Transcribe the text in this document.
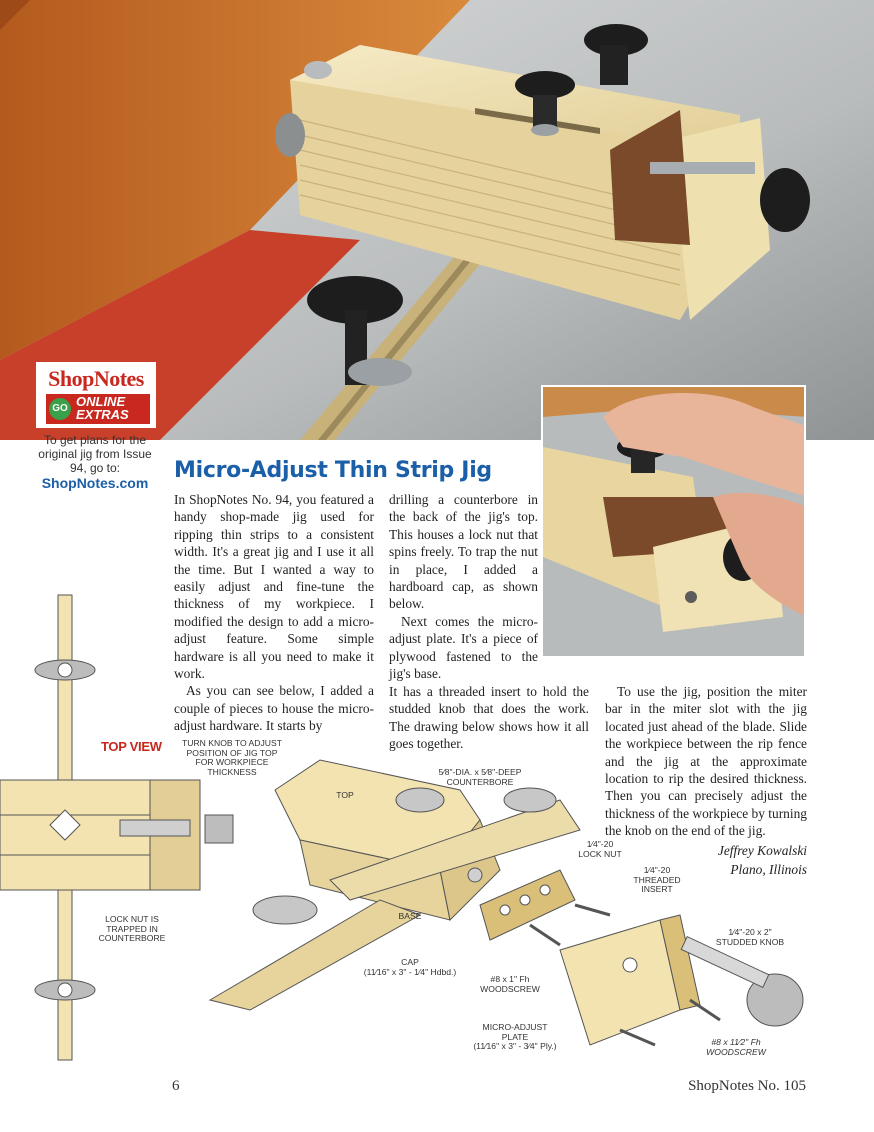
ShopNotes
GO ONLINE
EXTRAS
To get plans for the original jig from Issue 94, go to:
ShopNotes.com	Micro-Adjust Thin Strip Jig

In ShopNotes No. 94, you featured a handy shop-made jig used for ripping thin strips to a consistent width. It's a great jig and I use it all the time. But I wanted a way to easily adjust and fine-tune the thickness of my workpiece. I modified the design to add a micro-adjust feature. Some simple hardware is all you need to make it work.

As you can see below, I added a couple of pieces to house the micro-adjust hardware. It starts by

drilling a counterbore in the back of the jig's top. This houses a lock nut that spins freely. To trap the nut in place, I added a hardboard cap, as shown below.

Next comes the micro-adjust plate. It's a piece of plywood fastened to the jig's base.

It has a threaded insert to hold the studded knob that does the work. The drawing below shows how it all goes together.

To use the jig, position the miter bar in the miter slot with the jig located just ahead of the blade. Slide the workpiece between the rip fence and the jig at the approximate location to rip the desired thickness. Then you can precisely adjust the thickness of the workpiece by turning the knob on the end of the jig.

Jeffrey Kowalski
Plano, Illinois
TOP VIEW	TURN KNOB TO ADJUST
POSITION OF JIG TOP
FOR WORKPIECE
THICKNESS
LOCK NUT IS
TRAPPED IN
COUNTERBORE
TOP
BASE
5⁄8"-DIA. x 5⁄8"-DEEP
COUNTERBORE
1⁄4"-20
LOCK NUT
1⁄4"-20
THREADED
INSERT
1⁄4"-20 x 2"
STUDDED KNOB
CAP
(11⁄16" x 3" - 1⁄4" Hdbd.)
#8 x 1" Fh
WOODSCREW
MICRO-ADJUST
PLATE
(11⁄16" x 3" - 3⁄4" Ply.)	#8 x 11⁄2" Fh
WOODSCREW
6	ShopNotes No. 105
